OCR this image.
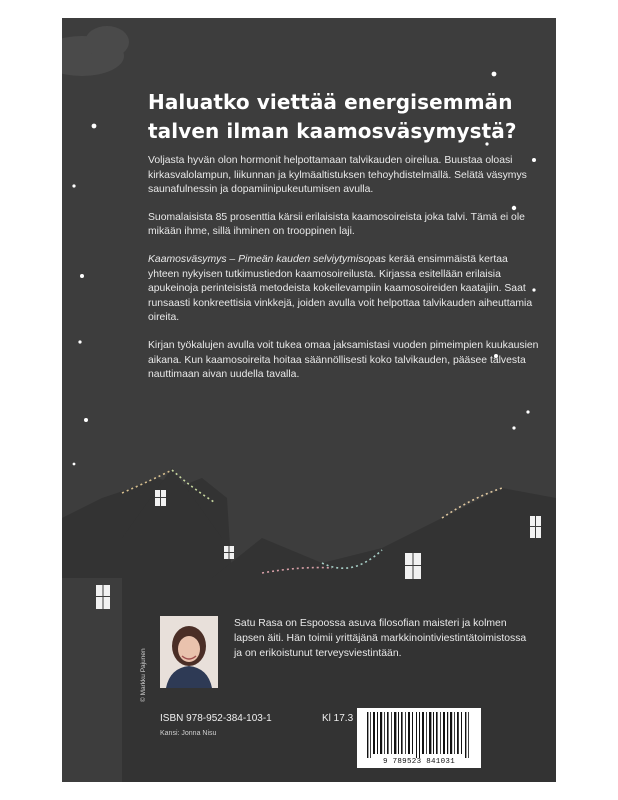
Haluatko viettää energisemmän
talven ilman kaamosväsymystä?

Voljasta hyvän olon hormonit helpottamaan talvikauden oireilua. Buustaa oloasi kirkasvalolampun, liikunnan ja kylmäaltistuksen tehoyhdistelmällä. Selätä väsymys saunafulnessin ja dopamiinipukeutumisen avulla.

Suomalaisista 85 prosenttia kärsii erilaisista kaamosoireista joka talvi. Tämä ei ole mikään ihme, sillä ihminen on trooppinen laji.

Kaamosväsymys – Pimeän kauden selviytymisopas kerää ensimmäistä kertaa yhteen nykyisen tutkimustiedon kaamosoireilusta. Kirjassa esitellään erilaisia apukeinoja perinteisistä metodeista kokeilevampiin kaamosoireiden kaatajiin. Saat runsaasti konkreettisia vinkkejä, joiden avulla voit helpottaa talvikauden aiheuttamia oireita.

Kirjan työkalujen avulla voit tukea omaa jaksamistasi vuoden pimeimpien kuukausien aikana. Kun kaamosoireita hoitaa säännöllisesti koko talvikauden, pääsee talvesta nauttimaan aivan uudella tavalla.

© Markku Pajunen
Satu Rasa on Espoossa asuva filosofian maisteri ja kolmen lapsen äiti. Hän toimii yrittäjänä markkinointiviestintätoimistossa ja on erikoistunut terveysviestintään.
ISBN 978-952-384-103-1	Kl 17.3
Kansi: Jonna Nisu
9 789523 841031
